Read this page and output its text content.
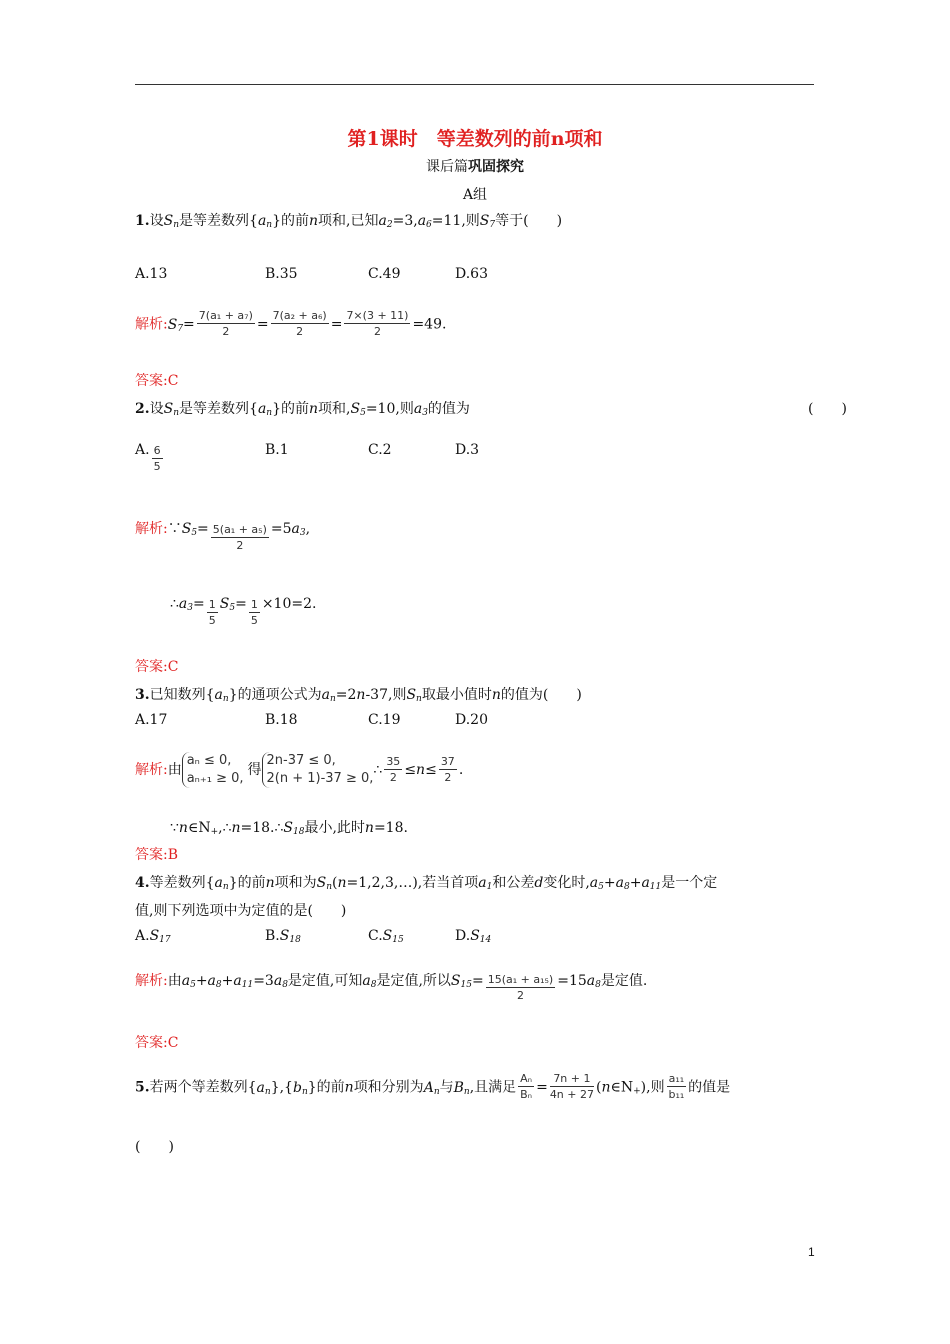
第1课时　等差数列的前n项和
课后篇巩固探究
A组
1.设$S_n$是等差数列$\{a_n\}$的前n项和,已知$a_2=3,a_6=11$,则$S_7$等于(　　)
A.13	B.35	C.49	D.63
解析$:S_7= \frac{\text{7(a₁ + a₇)}}{2} = \frac{\text{7(a₂ + a₆)}}{2} = \frac{7\times(3 + 11)}{2} =49$.
答案:C
2.设$S_n$是等差数列$\{a_n\}$的前n项和$,S_5=10$,则$a_3$的值为	(　　)
A. $\frac{6}{5}$	B.1	C.2	D.3
解析$:\because S_5= \frac{\text{5(a₁ + a₅)}}{2} =5a_3$,
$\therefore a_3= \frac{1}{5} S_5= \frac{1}{5} \times 10=2$.
答案:C
3.已知数列$\{a_n\}$的通项公式为$a_n=2n-37$,则$S_n$取最小值时n的值为(　　)
A.17	B.18	C.19	D.20
解析:由
aₙ ≤ 0,
aₙ₊₁ ≥ 0,
得
2n-37 ≤ 0,
2(n + 1)-37 ≥ 0,
∴ $\frac{35}{2} \le n\le \frac{37}{2}$ .
$\because n\in N_+,\therefore n=18.\therefore S_{18}$最小,此时n=18.
答案:B
4.等差数列$\{a_n\}$的前n项和为$S_n(n=1,2,3,\dots)$,若当首项$a_1$和公差d变化时$,a_5+a_8+a_{11}$是一个定
值,则下列选项中为定值的是(　　)
$A.S_{17}$	$B.S_{18}$	$C.S_{15}$	$D.S_{14}$
解析:由$a_5+a_8+a_{11}=3a_8$是定值,可知$a_8$是定值,所以$S_{15}= \frac{\text{15(a₁ + a₁₅)}}{2} =15a_8$是定值.
答案:C
5.若两个等差数列$\{a_n\},\{b_n\}$的前n项和分别为$A_n$与$B_n$,且满足 $\frac{\text{Aₙ}}{\text{Bₙ}} = \frac{7n + 1}{4n + 27}$ $(n\in N_+)$,则 $\frac{\text{a₁₁}}{\text{b₁₁}}$ 的值是
(　　)
1
